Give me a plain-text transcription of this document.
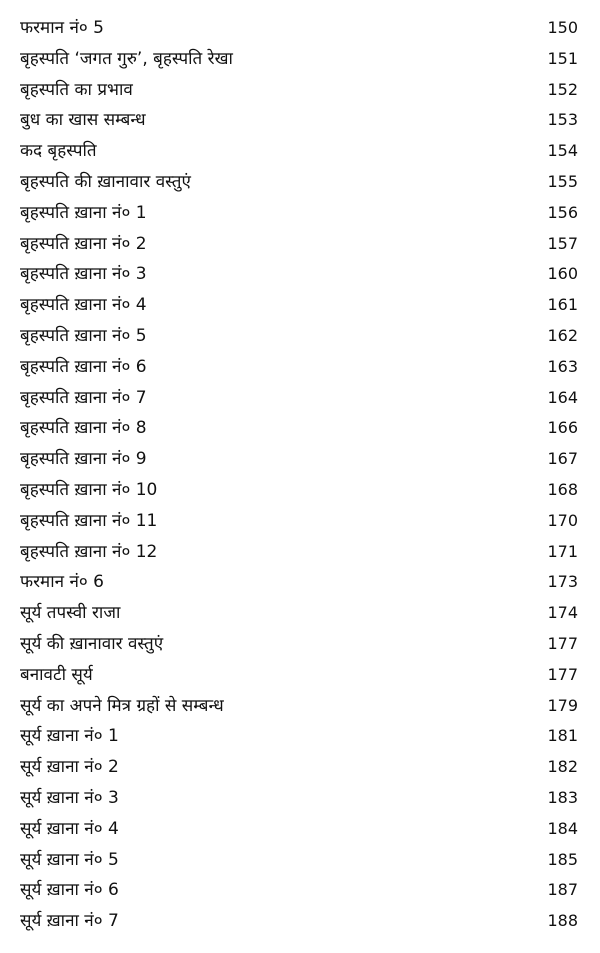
फरमान नं० 5	150
बृहस्पति ‘जगत गुरु’, बृहस्पति रेखा	151
बृहस्पति का प्रभाव	152
बुध का खास सम्बन्ध	153
कद बृहस्पति	154
बृहस्पति की ख़ानावार वस्तुएं	155
बृहस्पति ख़ाना नं० 1	156
बृहस्पति ख़ाना नं० 2	157
बृहस्पति ख़ाना नं० 3	160
बृहस्पति ख़ाना नं० 4	161
बृहस्पति ख़ाना नं० 5	162
बृहस्पति ख़ाना नं० 6	163
बृहस्पति ख़ाना नं० 7	164
बृहस्पति ख़ाना नं० 8	166
बृहस्पति ख़ाना नं० 9	167
बृहस्पति ख़ाना नं० 10	168
बृहस्पति ख़ाना नं० 11	170
बृहस्पति ख़ाना नं० 12	171
फरमान नं० 6	173
सूर्य तपस्वी राजा	174
सूर्य की ख़ानावार वस्तुएं	177
बनावटी सूर्य	177
सूर्य का अपने मित्र ग्रहों से सम्बन्ध	179
सूर्य ख़ाना नं० 1	181
सूर्य ख़ाना नं० 2	182
सूर्य ख़ाना नं० 3	183
सूर्य ख़ाना नं० 4	184
सूर्य ख़ाना नं० 5	185
सूर्य ख़ाना नं० 6	187
सूर्य ख़ाना नं० 7	188
